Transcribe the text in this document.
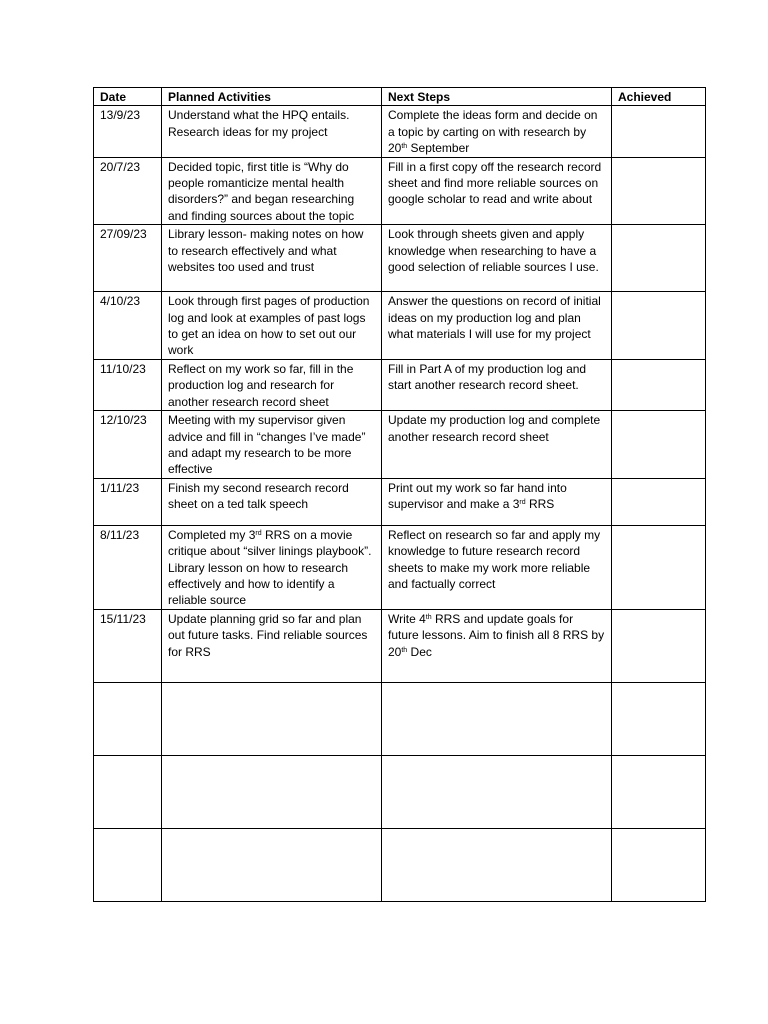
Date	Planned Activities	Next Steps	Achieved
13/9/23	Understand what the HPQ entails. Research ideas for my project	Complete the ideas form and decide on a topic by carting on with research by 20th September	
20/7/23	Decided topic, first title is “Why do people romanticize mental health disorders?” and began researching and finding sources about the topic	Fill in a first copy off the research record sheet and find more reliable sources on google scholar to read and write about	
27/09/23	Library lesson- making notes on how to research effectively and what websites too used and trust	Look through sheets given and apply knowledge when researching to have a good selection of reliable sources I use.	
4/10/23	Look through first pages of production log and look at examples of past logs to get an idea on how to set out our work	Answer the questions on record of initial ideas on my production log and plan what materials I will use for my project	
11/10/23	Reflect on my work so far, fill in the production log and research for another research record sheet	Fill in Part A of my production log and start another research record sheet.	
12/10/23	Meeting with my supervisor given advice and fill in “changes I’ve made” and adapt my research to be more effective	Update my production log and complete another research record sheet	
1/11/23	Finish my second research record sheet on a ted talk speech	Print out my work so far hand into supervisor and make a 3rd RRS	
8/11/23	Completed my 3rd RRS on a movie critique about “silver linings playbook”. Library lesson on how to research effectively and how to identify a reliable source	Reflect on research so far and apply my knowledge to future research record sheets to make my work more reliable and factually correct	
15/11/23	Update planning grid so far and plan out future tasks. Find reliable sources for RRS	Write 4th RRS and update goals for future lessons. Aim to finish all 8 RRS by 20th Dec	
